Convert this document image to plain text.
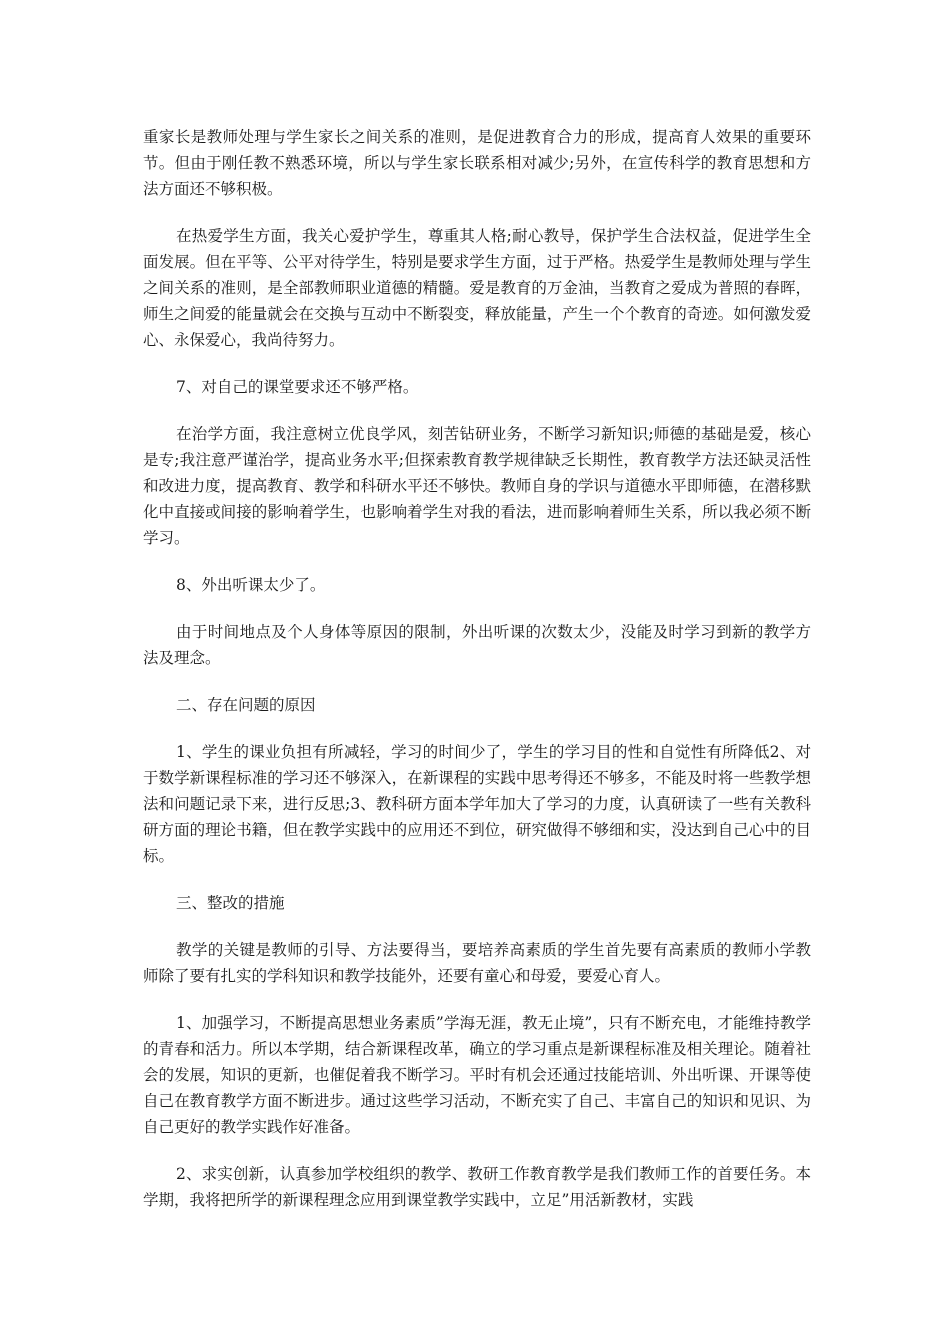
重家长是教师处理与学生家长之间关系的准则，是促进教育合力的形成，提高育人效果的重要环节。但由于刚任教不熟悉环境，所以与学生家长联系相对减少;另外，在宣传科学的教育思想和方法方面还不够积极。

在热爱学生方面，我关心爱护学生，尊重其人格;耐心教导，保护学生合法权益，促进学生全面发展。但在平等、公平对待学生，特别是要求学生方面，过于严格。热爱学生是教师处理与学生之间关系的准则，是全部教师职业道德的精髓。爱是教育的万金油，当教育之爱成为普照的春晖，师生之间爱的能量就会在交换与互动中不断裂变，释放能量，产生一个个教育的奇迹。如何激发爱心、永保爱心，我尚待努力。

7、对自己的课堂要求还不够严格。

在治学方面，我注意树立优良学风，刻苦钻研业务，不断学习新知识;师德的基础是爱，核心是专;我注意严谨治学，提高业务水平;但探索教育教学规律缺乏长期性，教育教学方法还缺灵活性和改进力度，提高教育、教学和科研水平还不够快。教师自身的学识与道德水平即师德，在潜移默化中直接或间接的影响着学生，也影响着学生对我的看法，进而影响着师生关系，所以我必须不断学习。

8、外出听课太少了。

由于时间地点及个人身体等原因的限制，外出听课的次数太少，没能及时学习到新的教学方法及理念。

二、存在问题的原因

1、学生的课业负担有所减轻，学习的时间少了，学生的学习目的性和自觉性有所降低2、对于数学新课程标准的学习还不够深入，在新课程的实践中思考得还不够多，不能及时将一些教学想法和问题记录下来，进行反思;3、教科研方面本学年加大了学习的力度，认真研读了一些有关教科研方面的理论书籍，但在教学实践中的应用还不到位，研究做得不够细和实，没达到自己心中的目标。

三、整改的措施

教学的关键是教师的引导、方法要得当，要培养高素质的学生首先要有高素质的教师小学教师除了要有扎实的学科知识和教学技能外，还要有童心和母爱，要爱心育人。

1、加强学习，不断提高思想业务素质”学海无涯，教无止境”，只有不断充电，才能维持教学的青春和活力。所以本学期，结合新课程改革，确立的学习重点是新课程标准及相关理论。随着社会的发展，知识的更新，也催促着我不断学习。平时有机会还通过技能培训、外出听课、开课等使自己在教育教学方面不断进步。通过这些学习活动，不断充实了自己、丰富自己的知识和见识、为自己更好的教学实践作好准备。

2、求实创新，认真参加学校组织的教学、教研工作教育教学是我们教师工作的首要任务。本学期，我将把所学的新课程理念应用到课堂教学实践中，立足”用活新教材，实践
